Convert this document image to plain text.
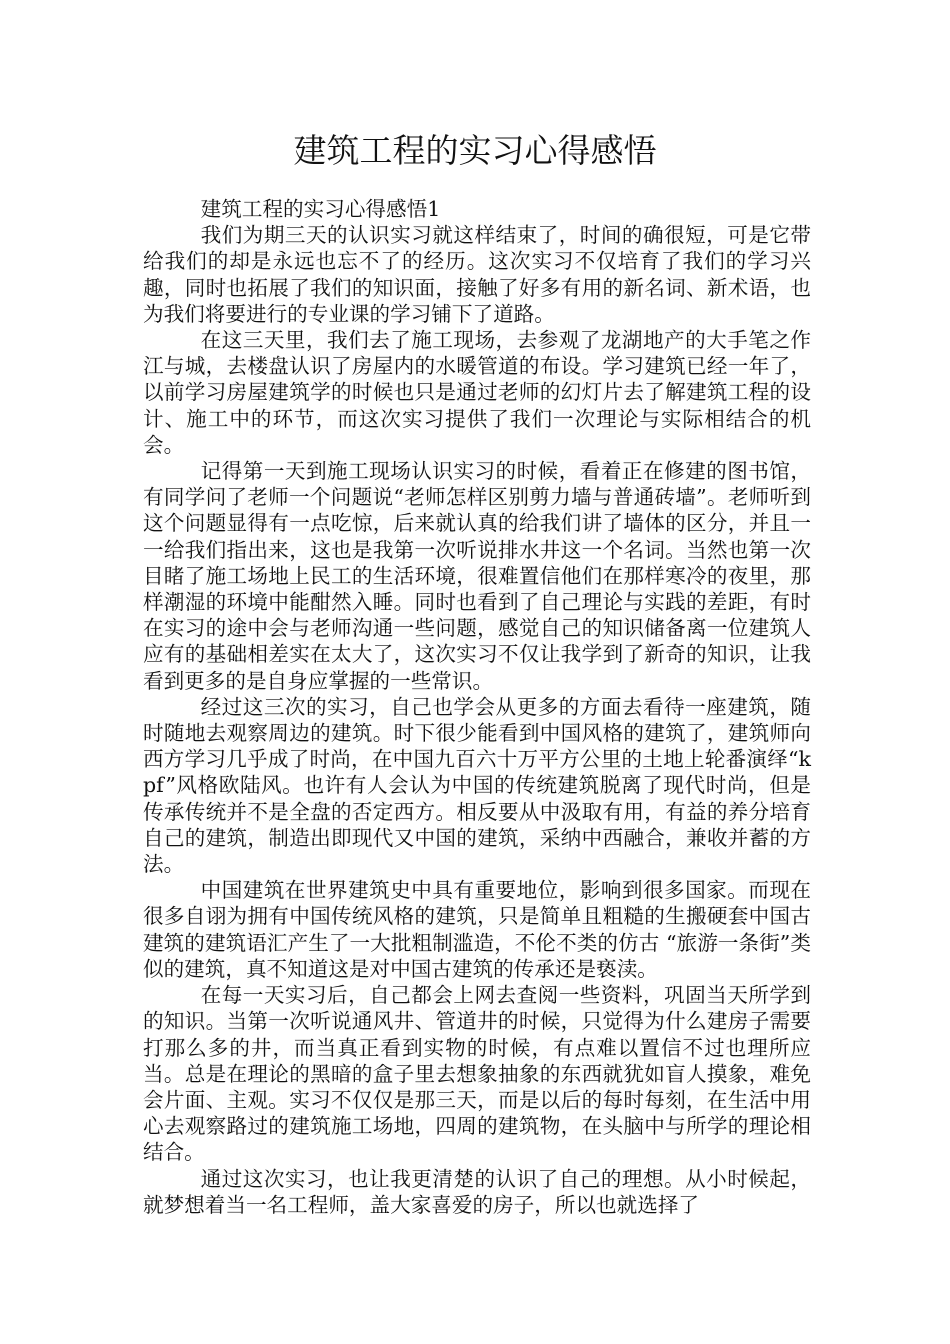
建筑工程的实习心得感悟

建筑工程的实习心得感悟1

我们为期三天的认识实习就这样结束了，时间的确很短，可是它带给我们的却是永远也忘不了的经历。这次实习不仅培育了我们的学习兴趣，同时也拓展了我们的知识面，接触了好多有用的新名词、新术语，也为我们将要进行的专业课的学习铺下了道路。

在这三天里，我们去了施工现场，去参观了龙湖地产的大手笔之作江与城，去楼盘认识了房屋内的水暖管道的布设。学习建筑已经一年了，以前学习房屋建筑学的时候也只是通过老师的幻灯片去了解建筑工程的设计、施工中的环节，而这次实习提供了我们一次理论与实际相结合的机会。

记得第一天到施工现场认识实习的时候，看着正在修建的图书馆，有同学问了老师一个问题说“老师怎样区别剪力墙与普通砖墙”。老师听到这个问题显得有一点吃惊，后来就认真的给我们讲了墙体的区分，并且一一给我们指出来，这也是我第一次听说排水井这一个名词。当然也第一次目睹了施工场地上民工的生活环境，很难置信他们在那样寒冷的夜里，那样潮湿的环境中能酣然入睡。同时也看到了自己理论与实践的差距，有时在实习的途中会与老师沟通一些问题，感觉自己的知识储备离一位建筑人应有的基础相差实在太大了，这次实习不仅让我学到了新奇的知识，让我看到更多的是自身应掌握的一些常识。

经过这三次的实习，自己也学会从更多的方面去看待一座建筑，随时随地去观察周边的建筑。时下很少能看到中国风格的建筑了，建筑师向西方学习几乎成了时尚，在中国九百六十万平方公里的土地上轮番演绎“kpf”风格欧陆风。也许有人会认为中国的传统建筑脱离了现代时尚，但是传承传统并不是全盘的否定西方。相反要从中汲取有用，有益的养分培育自己的建筑，制造出即现代又中国的建筑，采纳中西融合，兼收并蓄的方法。

中国建筑在世界建筑史中具有重要地位，影响到很多国家。而现在很多自诩为拥有中国传统风格的建筑，只是简单且粗糙的生搬硬套中国古建筑的建筑语汇产生了一大批粗制滥造，不伦不类的仿古 “旅游一条街”类似的建筑，真不知道这是对中国古建筑的传承还是亵渎。

在每一天实习后，自己都会上网去查阅一些资料，巩固当天所学到的知识。当第一次听说通风井、管道井的时候，只觉得为什么建房子需要打那么多的井，而当真正看到实物的时候，有点难以置信不过也理所应当。总是在理论的黑暗的盒子里去想象抽象的东西就犹如盲人摸象，难免会片面、主观。实习不仅仅是那三天，而是以后的每时每刻，在生活中用心去观察路过的建筑施工场地，四周的建筑物，在头脑中与所学的理论相结合。

通过这次实习，也让我更清楚的认识了自己的理想。从小时候起，就梦想着当一名工程师，盖大家喜爱的房子，所以也就选择了
